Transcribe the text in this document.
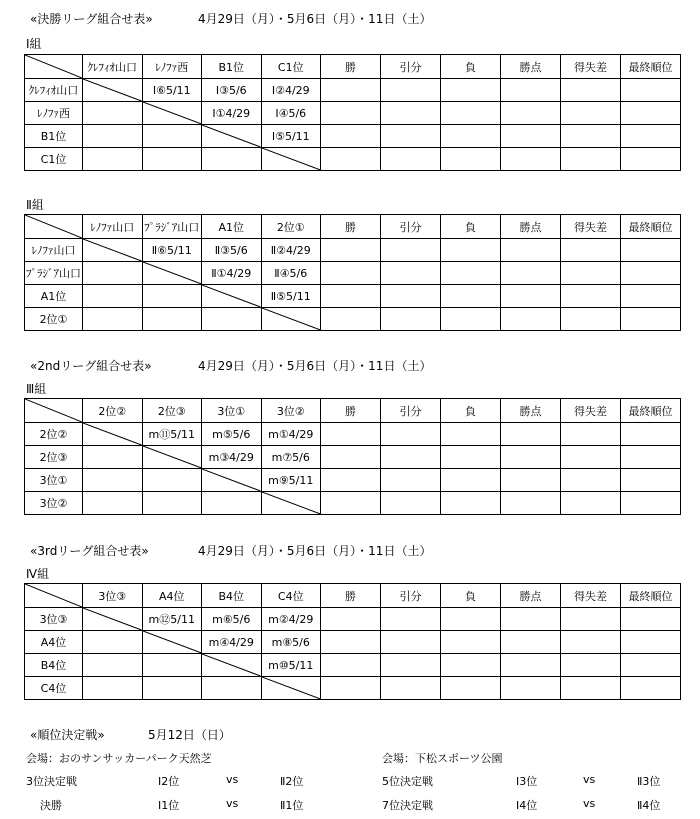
«決勝リーグ組合せ表»	4月29日（月）・5月6日（月）・11日（土）
Ⅰ組
	ｸﾚﾌｨｵ山口	ﾚﾉﾌｧ西	B1位	C1位	勝	引分	負	勝点	得失差	最終順位
ｸﾚﾌｨｵ山口		Ⅰ⑥5/11	Ⅰ③5/6	Ⅰ②4/29						
ﾚﾉﾌｧ西			Ⅰ①4/29	Ⅰ④5/6						
B1位				Ⅰ⑤5/11						
C1位				

Ⅱ組
	ﾚﾉﾌｧ山口	ﾌﾟﾗｼﾞｱ山口	A1位	2位①	勝	引分	負	勝点	得失差	最終順位
ﾚﾉﾌｧ山口		Ⅱ⑥5/11	Ⅱ③5/6	Ⅱ②4/29						
ﾌﾟﾗｼﾞｱ山口			Ⅱ①4/29	Ⅱ④5/6						
A1位				Ⅱ⑤5/11						
2位①				

«2ndリーグ組合せ表»	4月29日（月）・5月6日（月）・11日（土）
Ⅲ組
	2位②	2位③	3位①	3位②	勝	引分	負	勝点	得失差	最終順位
2位②		m⑪5/11	m⑤5/6	m①4/29						
2位③			m③4/29	m⑦5/6						
3位①				m⑨5/11						
3位②				

«3rdリーグ組合せ表»	4月29日（月）・5月6日（月）・11日（土）
Ⅳ組
	3位③	A4位	B4位	C4位	勝	引分	負	勝点	得失差	最終順位
3位③		m⑫5/11	m⑥5/6	m②4/29						
A4位			m④4/29	m⑧5/6						
B4位				m⑩5/11						
C4位				

«順位決定戦»	5月12日（日）
会場：おのサンサッカーパーク天然芝	会場：下松スポーツ公園
3位決定戦	Ⅰ2位	vs	Ⅱ2位	5位決定戦	Ⅰ3位	vs	Ⅱ3位
決勝	Ⅰ1位	vs	Ⅱ1位	7位決定戦	Ⅰ4位	vs	Ⅱ4位
